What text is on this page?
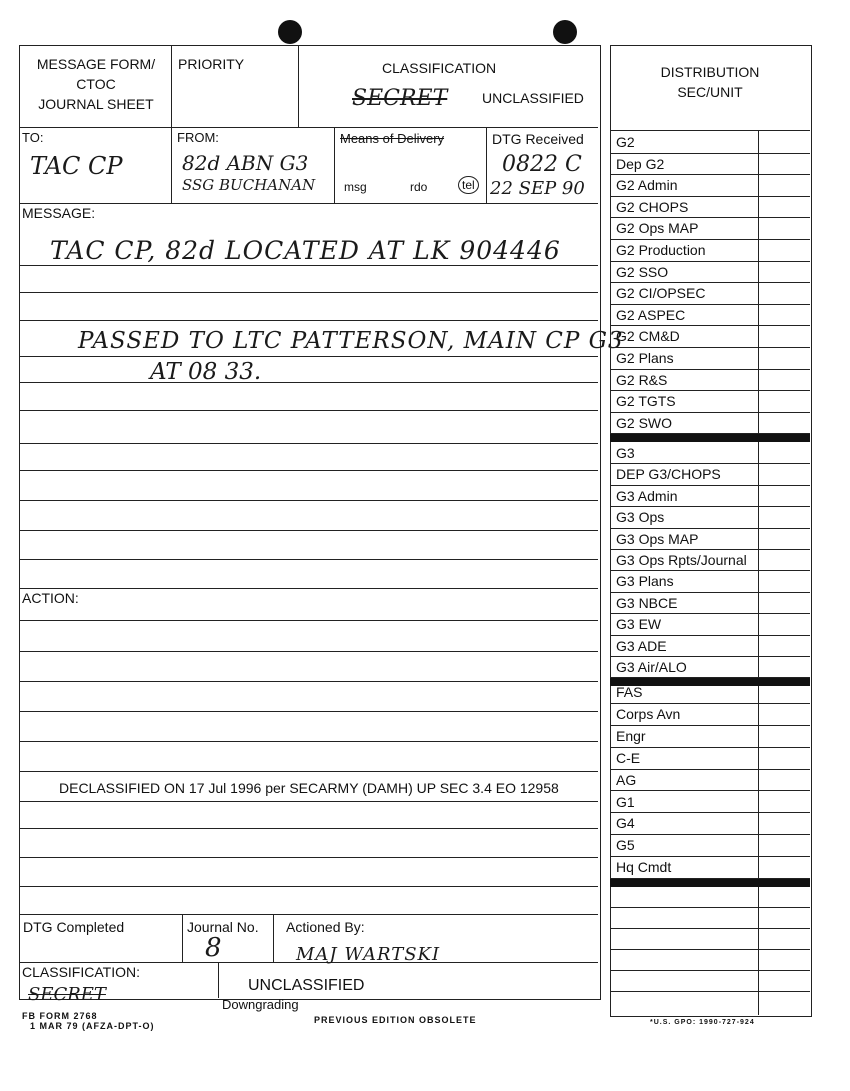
MESSAGE FORM/
CTOC
JOURNAL SHEET
PRIORITY	CLASSIFICATION
SECRET UNCLASSIFIED
TO:
TAC CP
FROM:
82d ABN G3
SSG BUCHANAN
Means of Delivery
msg	rdo	tel
DTG Received
0822 C
22 SEP 90
MESSAGE:
TAC CP, 82d LOCATED AT LK 904446
PASSED TO LTC PATTERSON, MAIN CP G3
AT 08 33.
ACTION:
DECLASSIFIED ON 17 Jul 1996 per SECARMY (DAMH) UP SEC 3.4 EO 12958
DTG Completed	Journal No.
8
Actioned By:
MAJ WARTSKI
CLASSIFICATION:
SECRET	UNCLASSIFIED
Downgrading
FB FORM 2768
1 MAR 79 (AFZA-DPT-O)
PREVIOUS EDITION OBSOLETE
DISTRIBUTION
SEC/UNIT
G2
Dep G2
G2 Admin
G2 CHOPS
G2 Ops MAP
G2 Production
G2 SSO
G2 CI/OPSEC
G2 ASPEC
G2 CM&D
G2 Plans
G2 R&S
G2 TGTS
G2 SWO
G3
DEP G3/CHOPS
G3 Admin
G3 Ops
G3 Ops MAP
G3 Ops Rpts/Journal
G3 Plans
G3 NBCE
G3 EW
G3 ADE
G3 Air/ALO
FAS
Corps Avn
Engr
C-E
AG
G1
G4
G5
Hq Cmdt
*U.S. GPO: 1990-727-924
